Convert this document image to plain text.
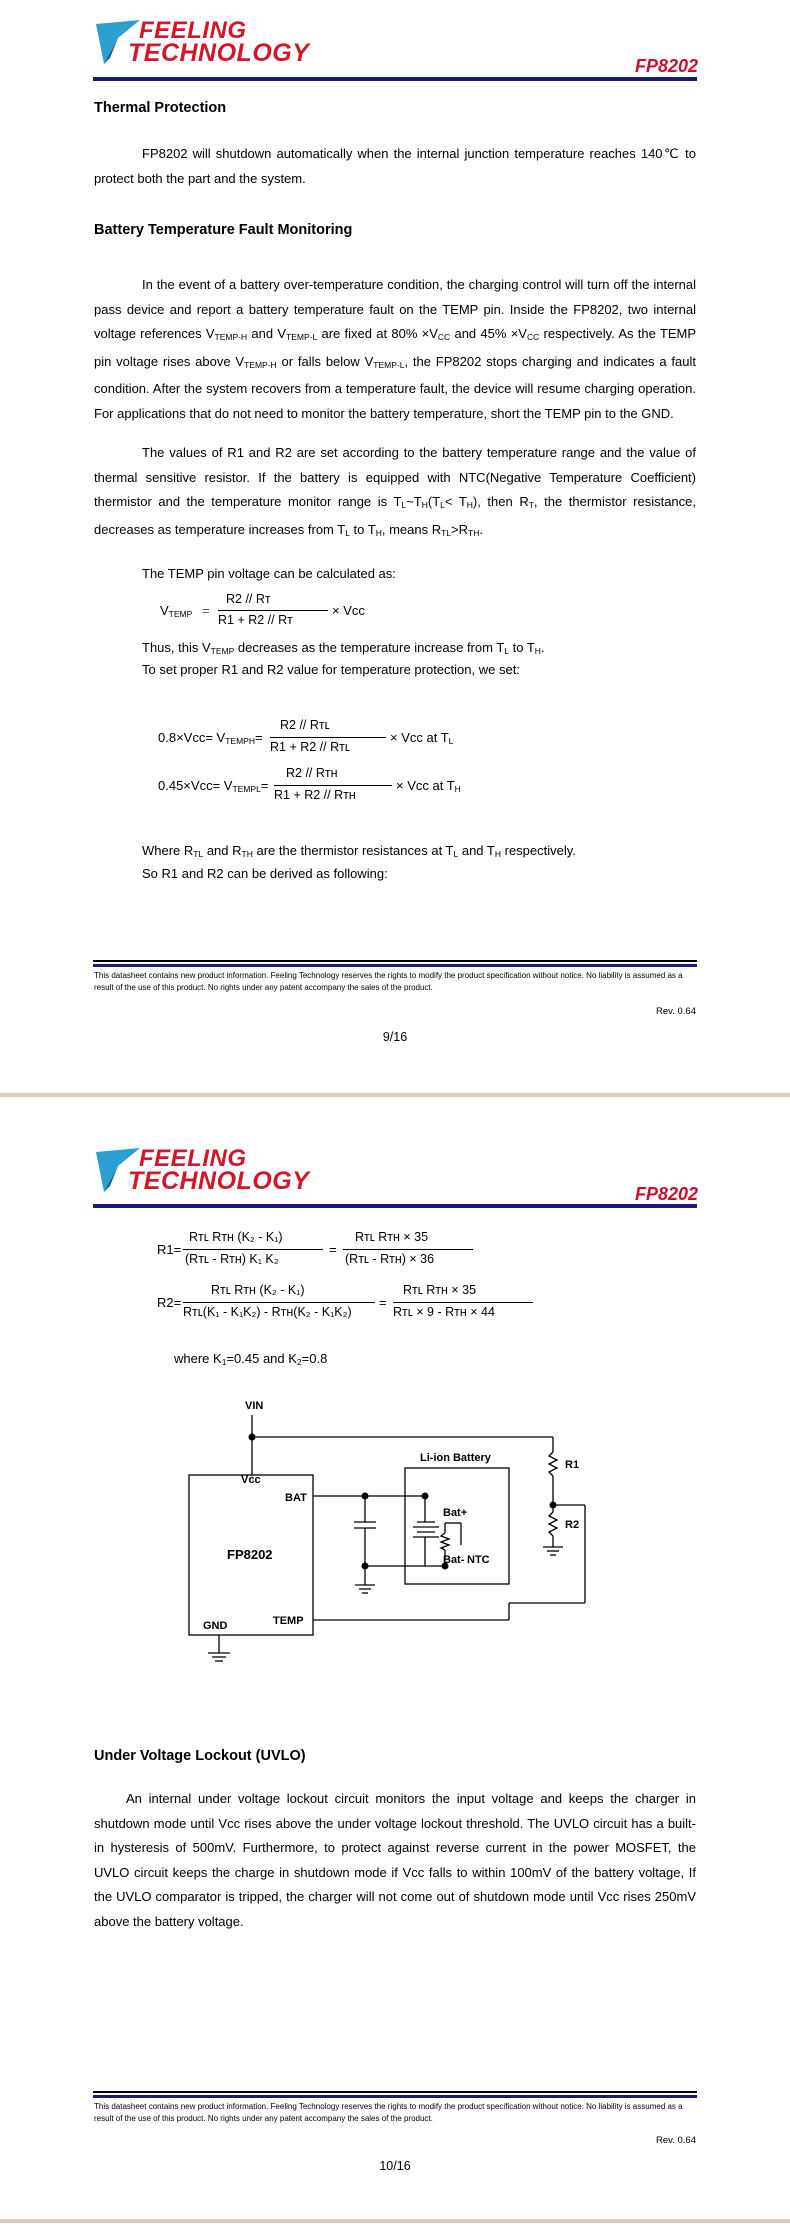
FEELING
TECHNOLOGY	FP8202
Thermal Protection
FP8202 will shutdown automatically when the internal junction temperature reaches 140℃ to protect both the part and the system.
Battery Temperature Fault Monitoring
In the event of a battery over-temperature condition, the charging control will turn off the internal pass device and report a battery temperature fault on the TEMP pin. Inside the FP8202, two internal voltage references $V_{TEMP-H}$ and $V_{TEMP-L}$ are fixed at $80\% \times V_{CC}$ and $45\% \times V_{CC}$ respectively. As the TEMP pin voltage rises above $V_{TEMP-H}$ or falls below $V_{TEMP-L}$, the FP8202 stops charging and indicates a fault condition. After the system recovers from a temperature fault, the device will resume charging operation. For applications that do not need to monitor the battery temperature, short the TEMP pin to the GND.
The values of R1 and R2 are set according to the battery temperature range and the value of thermal sensitive resistor. If the battery is equipped with NTC(Negative Temperature Coefficient) thermistor and the temperature monitor range is $T_L\sim T_H(T_L< T_H)$, then $R_T$, the thermistor resistance, decreases as temperature increases from $T_L$ to $T_H$, means $R_{TL}>R_{TH}$.
The TEMP pin voltage can be calculated as:
$V_{TEMP}$ =
R2 // Rт
R1 + R2 // Rт
× Vcc
Thus, this $V_{TEMP}$ decreases as the temperature increase from $T_L$ to $T_H$.
To set proper R1 and R2 value for temperature protection, we set:
$0.8\times Vcc= V_{TEMPH}=$
R2 // Rтʟ
R1 + R2 // Rтʟ
× Vcc at $T_L$
$0.45\times Vcc= V_{TEMPL}=$
R2 // Rтʜ
R1 + R2 // Rтʜ
× Vcc at $T_H$
Where $R_{TL}$ and $R_{TH}$ are the thermistor resistances at $T_L$ and $T_H$ respectively.
So R1 and R2 can be derived as following:
This datasheet contains new product information. Feeling Technology reserves the rights to modify the product specification without notice. No liability is assumed as a result of the use of this product. No rights under any patent accompany the sales of the product.
Rev. 0.64
9/16
FEELING
TECHNOLOGY	FP8202
R1=
Rтʟ Rтʜ (K₂ - K₁)
(Rтʟ - Rтʜ) K₁ K₂
=
Rтʟ Rтʜ × 35
(Rтʟ - Rтʜ) × 36
R2=
Rтʟ Rтʜ (K₂ - K₁)
Rтʟ(K₁ - K₁K₂) - Rтʜ(K₂ - K₁K₂)
=
Rтʟ Rтʜ × 35
Rтʟ × 9 - Rтʜ × 44
where $K_1=0.45$ and $K_2=0.8$
VIN
Vcc
BAT
FP8202
GND	TEMP
Li-ion Battery
Bat+
Bat- NTC
R1
R2
Under Voltage Lockout (UVLO)
An internal under voltage lockout circuit monitors the input voltage and keeps the charger in shutdown mode until Vcc rises above the under voltage lockout threshold. The UVLO circuit has a built-in hysteresis of 500mV. Furthermore, to protect against reverse current in the power MOSFET, the UVLO circuit keeps the charge in shutdown mode if Vcc falls to within 100mV of the battery voltage, If the UVLO comparator is tripped, the charger will not come out of shutdown mode until Vcc rises 250mV above the battery voltage.
This datasheet contains new product information. Feeling Technology reserves the rights to modify the product specification without notice. No liability is assumed as a result of the use of this product. No rights under any patent accompany the sales of the product.
Rev. 0.64
10/16
